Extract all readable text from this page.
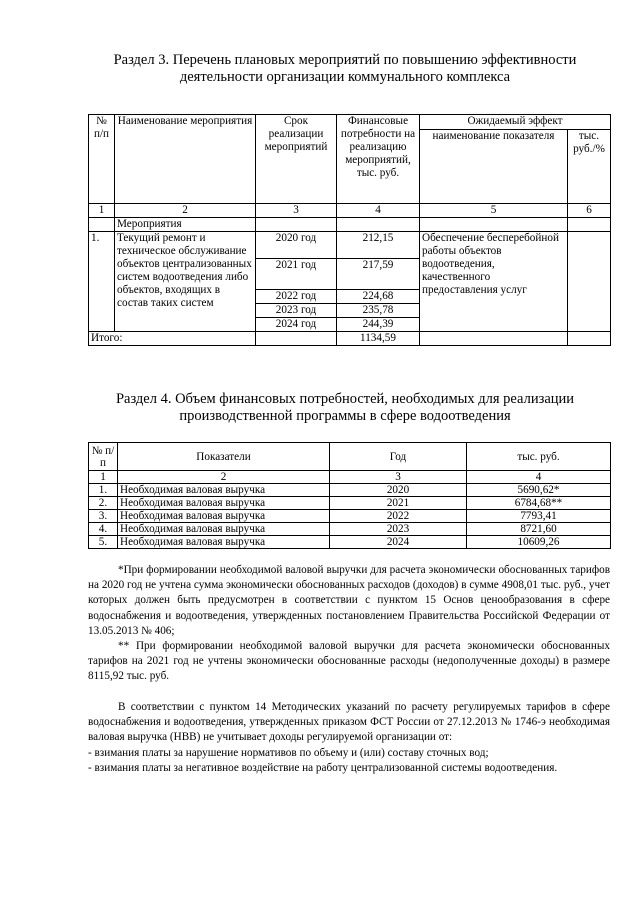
Раздел 3. Перечень плановых мероприятий по повышению эффективности
деятельности организации коммунального комплекса
№ п/п	Наименование мероприятия	Срок реализации мероприятий	Финансовые потребности на реализацию мероприятий, тыс. руб.	Ожидаемый эффект	
				наименование показателя	тыс. руб./%
1	2	3	4	5	6
	Мероприятия				
1.	Текущий ремонт и техническое обслуживание объектов централизованных систем водоотведения либо объектов, входящих в состав таких систем	2020 год	212,15	Обеспечение бесперебойной работы объектов водоотведения, качественного предоставления услуг	
		2021 год	217,59		
		2022 год	224,68		
		2023 год	235,78		
		2024 год	244,39		
Итого:			1134,59		
Раздел 4. Объем финансовых потребностей, необходимых для реализации
производственной программы в сфере водоотведения
№ п/п	Показатели	Год	тыс. руб.
1	2	3	4
1.	Необходимая валовая выручка	2020	5690,62*
2.	Необходимая валовая выручка	2021	6784,68**
3.	Необходимая валовая выручка	2022	7793,41
4.	Необходимая валовая выручка	2023	8721,60
5.	Необходимая валовая выручка	2024	10609,26
*При формировании необходимой валовой выручки для расчета экономически обоснованных тарифов на 2020 год не учтена сумма экономически обоснованных расходов (доходов) в сумме 4908,01 тыс. руб., учет которых должен быть предусмотрен в соответствии с пунктом 15 Основ ценообразования в сфере водоснабжения и водоотведения, утвержденных постановлением Правительства Российской Федерации от 13.05.2013 № 406;
** При формировании необходимой валовой выручки для расчета экономически обоснованных тарифов на 2021 год не учтены экономически обоснованные расходы (недополученные доходы) в размере 8115,92 тыс. руб.
В соответствии с пунктом 14 Методических указаний по расчету регулируемых тарифов в сфере водоснабжения и водоотведения, утвержденных приказом ФСТ России от 27.12.2013 № 1746-э необходимая валовая выручка (НВВ) не учитывает доходы регулируемой организации от:
- взимания платы за нарушение нормативов по объему и (или) составу сточных вод;
- взимания платы за негативное воздействие на работу централизованной системы водоотведения.
